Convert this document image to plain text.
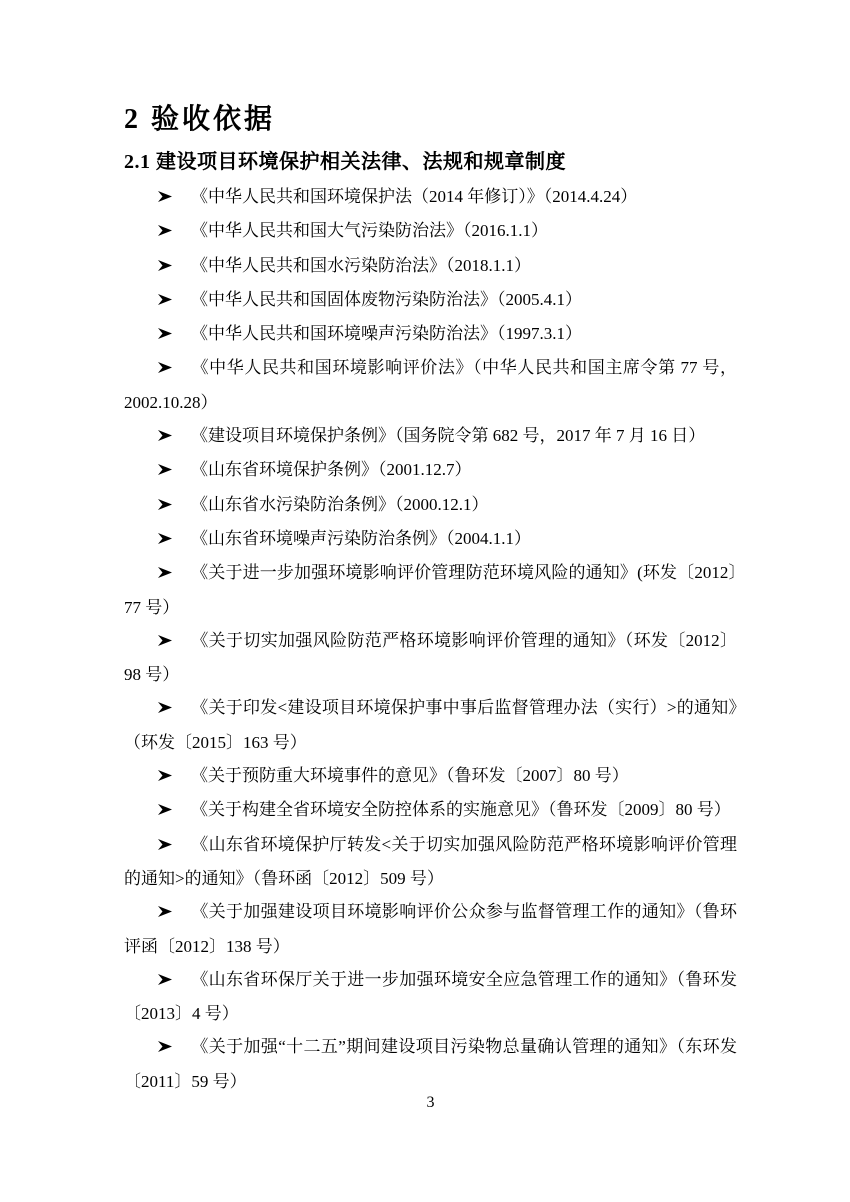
2 验收依据
2.1 建设项目环境保护相关法律、法规和规章制度

《中华人民共和国环境保护法（2014 年修订）》（2014.4.24）

《中华人民共和国大气污染防治法》（2016.1.1）

《中华人民共和国水污染防治法》（2018.1.1）

《中华人民共和国固体废物污染防治法》（2005.4.1）

《中华人民共和国环境噪声污染防治法》（1997.3.1）

《中华人民共和国环境影响评价法》（中华人民共和国主席令第 77 号，2002.10.28）

《建设项目环境保护条例》（国务院令第 682 号，2017 年 7 月 16 日）

《山东省环境保护条例》（2001.12.7）

《山东省水污染防治条例》（2000.12.1）

《山东省环境噪声污染防治条例》（2004.1.1）

《关于进一步加强环境影响评价管理防范环境风险的通知》(环发〔2012〕77 号）

《关于切实加强风险防范严格环境影响评价管理的通知》（环发〔2012〕98 号）

《关于印发<建设项目环境保护事中事后监督管理办法（实行）>的通知》（环发〔2015〕163 号）

《关于预防重大环境事件的意见》（鲁环发〔2007〕80 号）

《关于构建全省环境安全防控体系的实施意见》（鲁环发〔2009〕80 号）

《山东省环境保护厅转发<关于切实加强风险防范严格环境影响评价管理的通知>的通知》（鲁环函〔2012〕509 号）

《关于加强建设项目环境影响评价公众参与监督管理工作的通知》（鲁环评函〔2012〕138 号）

《山东省环保厅关于进一步加强环境安全应急管理工作的通知》（鲁环发〔2013〕4 号）

《关于加强“十二五”期间建设项目污染物总量确认管理的通知》（东环发〔2011〕59 号）

3
